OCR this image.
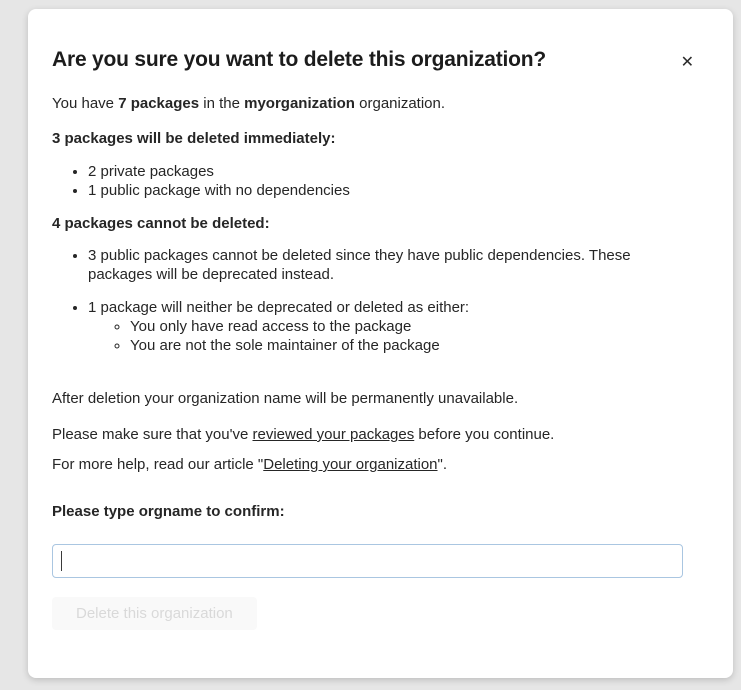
✕
Are you sure you want to delete this organization?

You have 7 packages in the myorganization organization.

3 packages will be deleted immediately:

• 2 private packages
• 1 public package with no dependencies

4 packages cannot be deleted:

• 3 public packages cannot be deleted since they have public dependencies. These packages will be deprecated instead.
• 1 package will neither be deprecated or deleted as either:
◦ You only have read access to the package
◦ You are not the sole maintainer of the package

After deletion your organization name will be permanently unavailable.

Please make sure that you've reviewed your packages before you continue.

For more help, read our article "Deleting your organization".

Please type orgname to confirm:

Delete this organization
